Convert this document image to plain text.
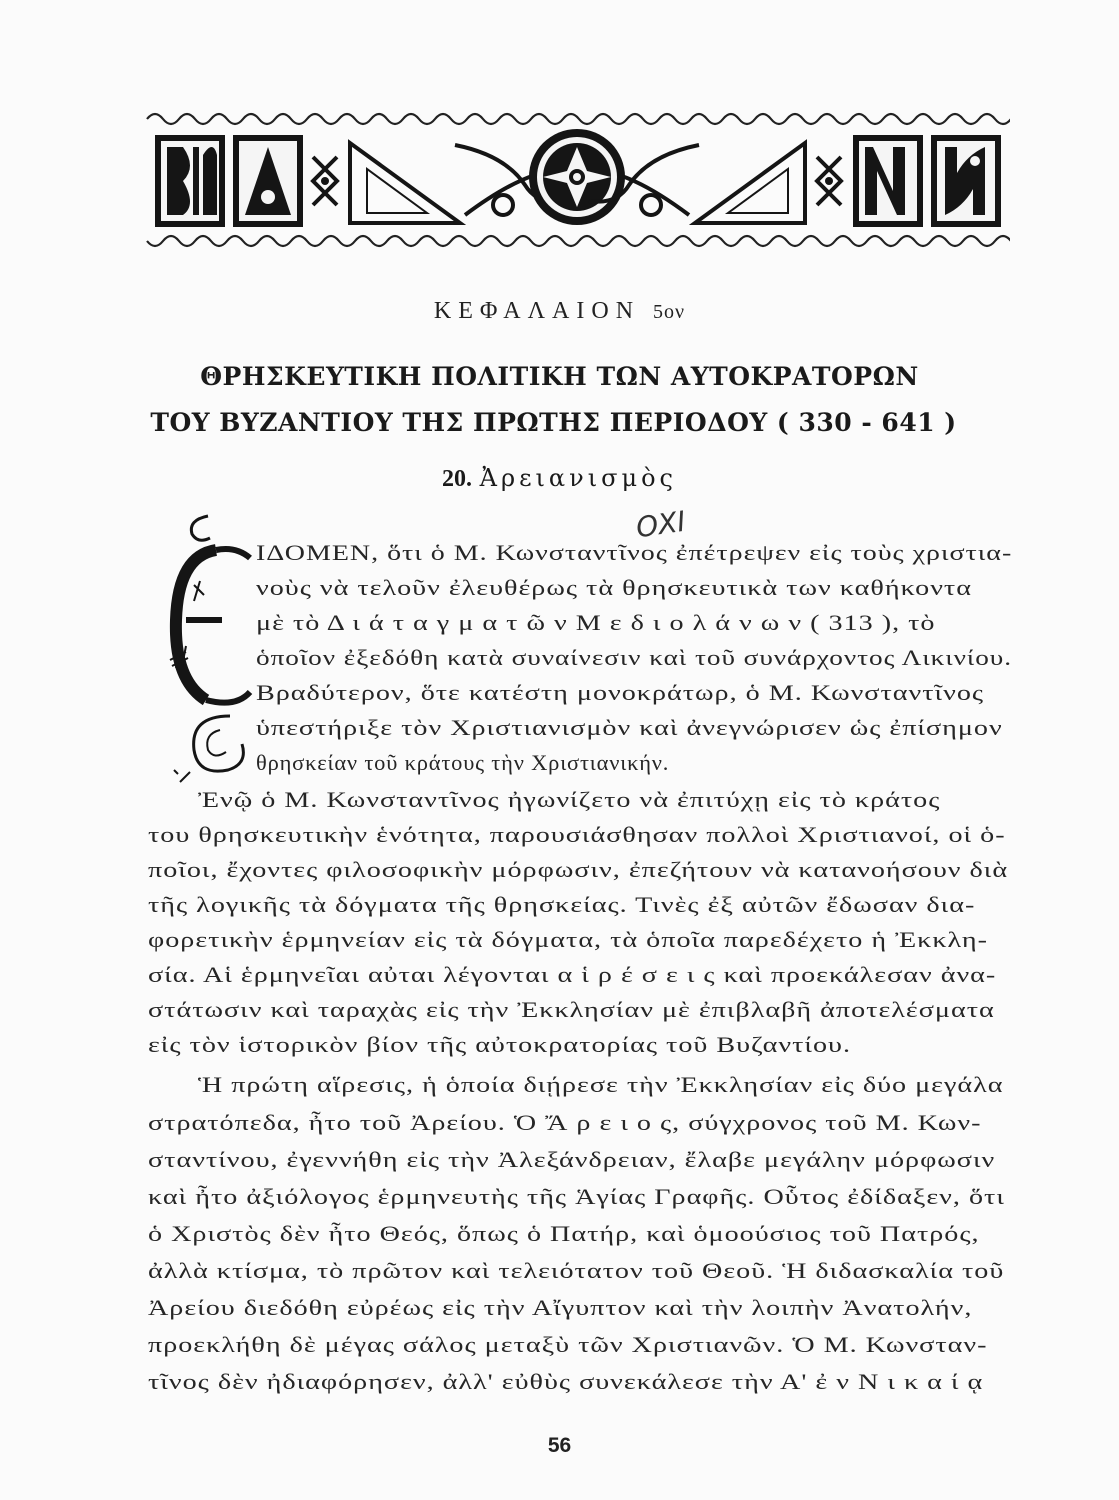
ΚΕΦΑΛΑΙΟΝ 5ον
ΘΡΗΣΚΕΥΤΙΚΗ ΠΟΛΙΤΙΚΗ ΤΩΝ ΑΥΤΟΚΡΑΤΟΡΩΝ
ΤΟΥ ΒΥΖΑΝΤΙΟΥ ΤΗΣ ΠΡΩΤΗΣ ΠΕΡΙΟΔΟΥ ( 330 - 641 )
20. Ἀρειανισμὸς
ΟΧΙ
ΙΔΟΜΕΝ, ὅτι ὁ Μ. Κωνσταντῖνος ἐπέτρεψεν εἰς τοὺς χριστια-
νοὺς νὰ τελοῦν ἐλευθέρως τὰ θρησκευτικὰ των καθήκοντα
μὲ τὸ Δ ι ά τ α γ μ α τ ῶ ν Μ ε δ ι ο λ ά ν ω ν ( 313 ), τὸ
ὁποῖον ἐξεδόθη κατὰ συναίνεσιν καὶ τοῦ συνάρχοντος Λικινίου.
Βραδύτερον, ὅτε κατέστη μονοκράτωρ, ὁ Μ. Κωνσταντῖνος
ὑπεστήριξε τὸν Χριστιανισμὸν καὶ ἀνεγνώρισεν ὡς ἐπίσημον
θρησκείαν τοῦ κράτους τὴν Χριστιανικήν.
Ἐνῷ ὁ Μ. Κωνσταντῖνος ἠγωνίζετο νὰ ἐπιτύχῃ εἰς τὸ κράτος
του θρησκευτικὴν ἑνότητα, παρουσιάσθησαν πολλοὶ Χριστιανοί, οἱ ὁ-
ποῖοι, ἔχοντες φιλοσοφικὴν μόρφωσιν, ἐπεζήτουν νὰ κατανοήσουν διὰ
τῆς λογικῆς τὰ δόγματα τῆς θρησκείας. Τινὲς ἐξ αὐτῶν ἔδωσαν δια-
φορετικὴν ἑρμηνείαν εἰς τὰ δόγματα, τὰ ὁποῖα παρεδέχετο ἡ Ἐκκλη-
σία. Αἱ ἑρμηνεῖαι αὐται λέγονται α ἱ ρ έ σ ε ι ς καὶ προεκάλεσαν ἀνα-
στάτωσιν καὶ ταραχὰς εἰς τὴν Ἐκκλησίαν μὲ ἐπιβλαβῆ ἀποτελέσματα
εἰς τὸν ἱστορικὸν βίον τῆς αὐτοκρατορίας τοῦ Βυζαντίου.
Ἡ πρώτη αἵρεσις, ἡ ὁποία διῄρεσε τὴν Ἐκκλησίαν εἰς δύο μεγάλα
στρατόπεδα, ἦτο τοῦ Ἀρείου. Ὁ Ἄ ρ ε ι ο ς, σύγχρονος τοῦ Μ. Κων-
σταντίνου, ἐγεννήθη εἰς τὴν Ἀλεξάνδρειαν, ἔλαβε μεγάλην μόρφωσιν
καὶ ἦτο ἀξιόλογος ἑρμηνευτὴς τῆς Ἁγίας Γραφῆς. Οὗτος ἐδίδαξεν, ὅτι
ὁ Χριστὸς δὲν ἦτο Θεός, ὅπως ὁ Πατήρ, καὶ ὁμοούσιος τοῦ Πατρός,
ἀλλὰ κτίσμα, τὸ πρῶτον καὶ τελειότατον τοῦ Θεοῦ. Ἡ διδασκαλία τοῦ
Ἀρείου διεδόθη εὐρέως εἰς τὴν Αἴγυπτον καὶ τὴν λοιπὴν Ἀνατολήν,
προεκλήθη δὲ μέγας σάλος μεταξὺ τῶν Χριστιανῶν. Ὁ Μ. Κωνσταν-
τῖνος δὲν ἠδιαφόρησεν, ἀλλ' εὐθὺς συνεκάλεσε τὴν Α' ἐ ν Ν ι κ α ί ᾳ
56
